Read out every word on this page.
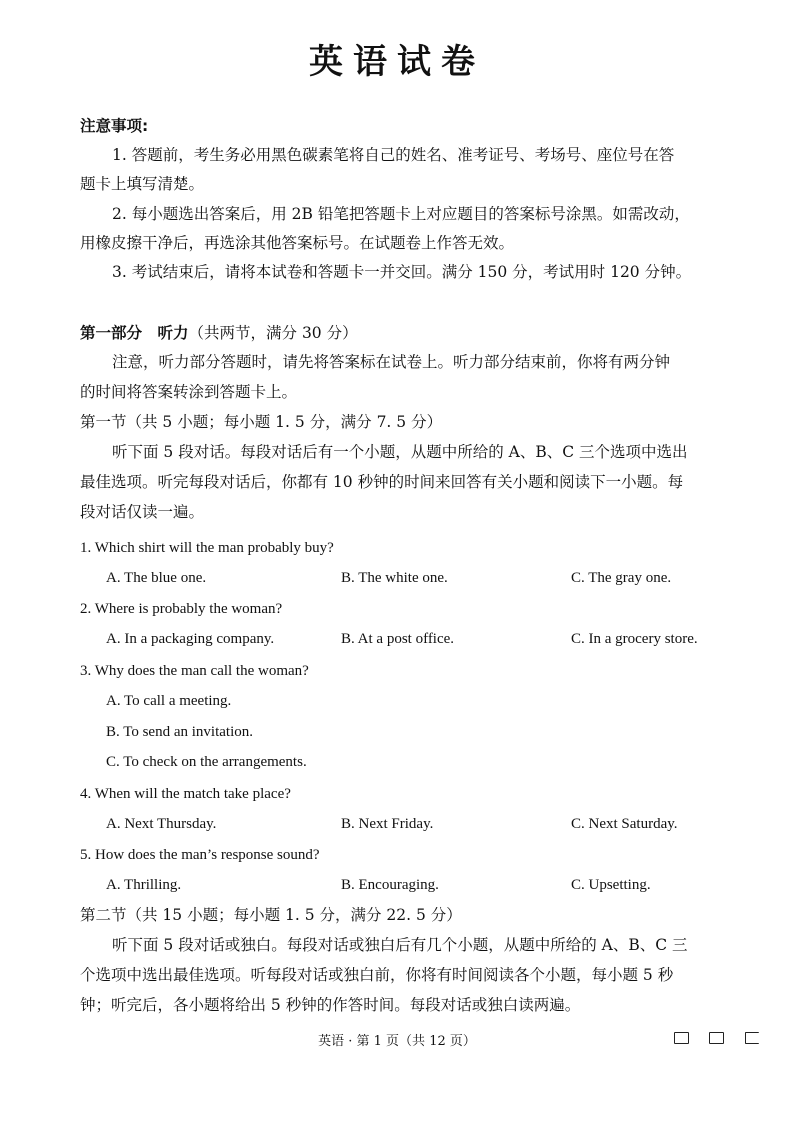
英语试卷
注意事项:
1. 答题前，考生务必用黑色碳素笔将自己的姓名、准考证号、考场号、座位号在答
题卡上填写清楚。
2. 每小题选出答案后，用 2B 铅笔把答题卡上对应题目的答案标号涂黑。如需改动，
用橡皮擦干净后，再选涂其他答案标号。在试题卷上作答无效。
3. 考试结束后，请将本试卷和答题卡一并交回。满分 150 分，考试用时 120 分钟。
第一部分　听力（共两节，满分 30 分）
注意，听力部分答题时，请先将答案标在试卷上。听力部分结束前，你将有两分钟
的时间将答案转涂到答题卡上。
第一节（共 5 小题；每小题 1. 5 分，满分 7. 5 分）
听下面 5 段对话。每段对话后有一个小题，从题中所给的 A、B、C 三个选项中选出
最佳选项。听完每段对话后，你都有 10 秒钟的时间来回答有关小题和阅读下一小题。每
段对话仅读一遍。
1. Which shirt will the man probably buy?
A. The blue one.	B. The white one.	C. The gray one.
2. Where is probably the woman?
A. In a packaging company.	B. At a post office.	C. In a grocery store.
3. Why does the man call the woman?
A. To call a meeting.
B. To send an invitation.
C. To check on the arrangements.
4. When will the match take place?
A. Next Thursday.	B. Next Friday.	C. Next Saturday.
5. How does the man’s response sound?
A. Thrilling.	B. Encouraging.	C. Upsetting.
第二节（共 15 小题；每小题 1. 5 分，满分 22. 5 分）
听下面 5 段对话或独白。每段对话或独白后有几个小题，从题中所给的 A、B、C 三
个选项中选出最佳选项。听每段对话或独白前，你将有时间阅读各个小题，每小题 5 秒
钟；听完后，各小题将给出 5 秒钟的作答时间。每段对话或独白读两遍。
英语 · 第 1 页（共 12 页）
